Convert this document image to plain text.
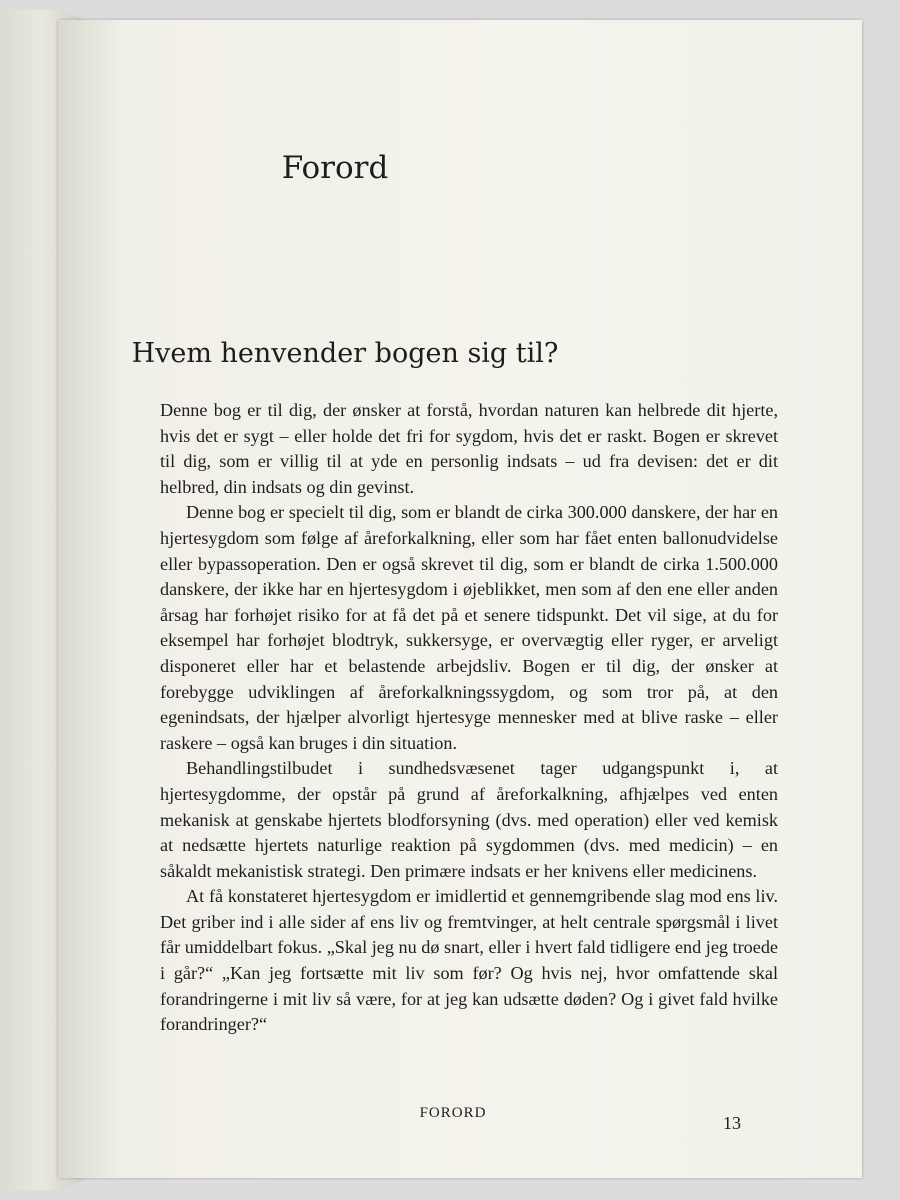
Forord
Hvem henvender bogen sig til?

Denne bog er til dig, der ønsker at forstå, hvordan naturen kan helbrede dit hjerte, hvis det er sygt – eller holde det fri for sygdom, hvis det er raskt. Bogen er skrevet til dig, som er villig til at yde en personlig indsats – ud fra devisen: det er dit helbred, din indsats og din gevinst.

Denne bog er specielt til dig, som er blandt de cirka 300.000 danskere, der har en hjertesygdom som følge af åreforkalkning, eller som har fået enten ballonudvidelse eller bypassoperation. Den er også skrevet til dig, som er blandt de cirka 1.500.000 danskere, der ikke har en hjertesygdom i øjeblikket, men som af den ene eller anden årsag har forhøjet risiko for at få det på et senere tidspunkt. Det vil sige, at du for eksempel har forhøjet blodtryk, sukkersyge, er overvægtig eller ryger, er arveligt disponeret eller har et belastende arbejdsliv. Bogen er til dig, der ønsker at forebygge udviklingen af åreforkalkningssygdom, og som tror på, at den egenindsats, der hjælper alvorligt hjertesyge mennesker med at blive raske – eller raskere – også kan bruges i din situation.

Behandlingstilbudet i sundhedsvæsenet tager udgangspunkt i, at hjertesygdomme, der opstår på grund af åreforkalkning, afhjælpes ved enten mekanisk at genskabe hjertets blodforsyning (dvs. med operation) eller ved kemisk at nedsætte hjertets naturlige reaktion på sygdommen (dvs. med medicin) – en såkaldt mekanistisk strategi. Den primære indsats er her knivens eller medicinens.

At få konstateret hjertesygdom er imidlertid et gennemgribende slag mod ens liv. Det griber ind i alle sider af ens liv og fremtvinger, at helt centrale spørgsmål i livet får umiddelbart fokus. „Skal jeg nu dø snart, eller i hvert fald tidligere end jeg troede i går?“ „Kan jeg fortsætte mit liv som før? Og hvis nej, hvor omfattende skal forandringerne i mit liv så være, for at jeg kan udsætte døden? Og i givet fald hvilke forandringer?“

FORORD	13
